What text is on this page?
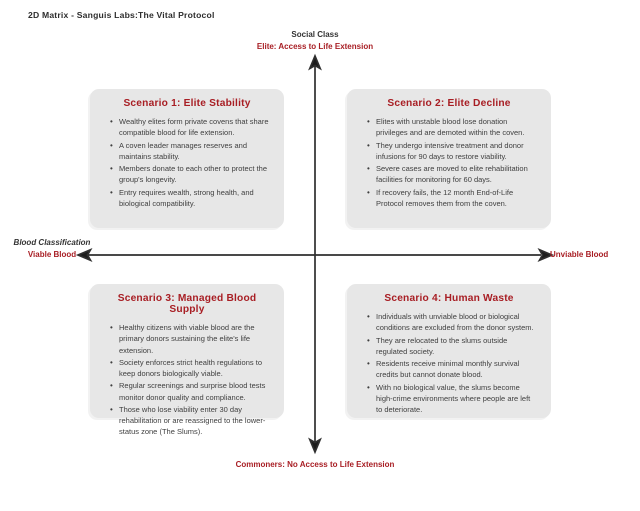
2D Matrix - Sanguis Labs:The Vital Protocol
Social Class
Elite: Access to Life Extension
Commoners: No Access to Life Extension
Blood Classification
Viable Blood	Unviable Blood
Scenario 1: Elite Stability
• Wealthy elites form private covens that share compatible blood for life extension.
• A coven leader manages reserves and maintains stability.
• Members donate to each other to protect the group's longevity.
• Entry requires wealth, strong health, and biological compatibility.
Scenario 2: Elite Decline
• Elites with unstable blood lose donation privileges and are demoted within the coven.
• They undergo intensive treatment and donor infusions for 90 days to restore viability.
• Severe cases are moved to elite rehabilitation facilities for monitoring for 60 days.
• If recovery fails, the 12 month End-of-Life Protocol removes them from the coven.
Scenario 3: Managed Blood Supply
• Healthy citizens with viable blood are the primary donors sustaining the elite's life extension.
• Society enforces strict health regulations to keep donors biologically viable.
• Regular screenings and surprise blood tests monitor donor quality and compliance.
• Those who lose viability enter 30 day rehabilitation or are reassigned to the lower-status zone (The Slums).
Scenario 4: Human Waste
• Individuals with unviable blood or biological conditions are excluded from the donor system.
• They are relocated to the slums outside regulated society.
• Residents receive minimal monthly survival credits but cannot donate blood.
• With no biological value, the slums become high-crime environments where people are left to deteriorate.
